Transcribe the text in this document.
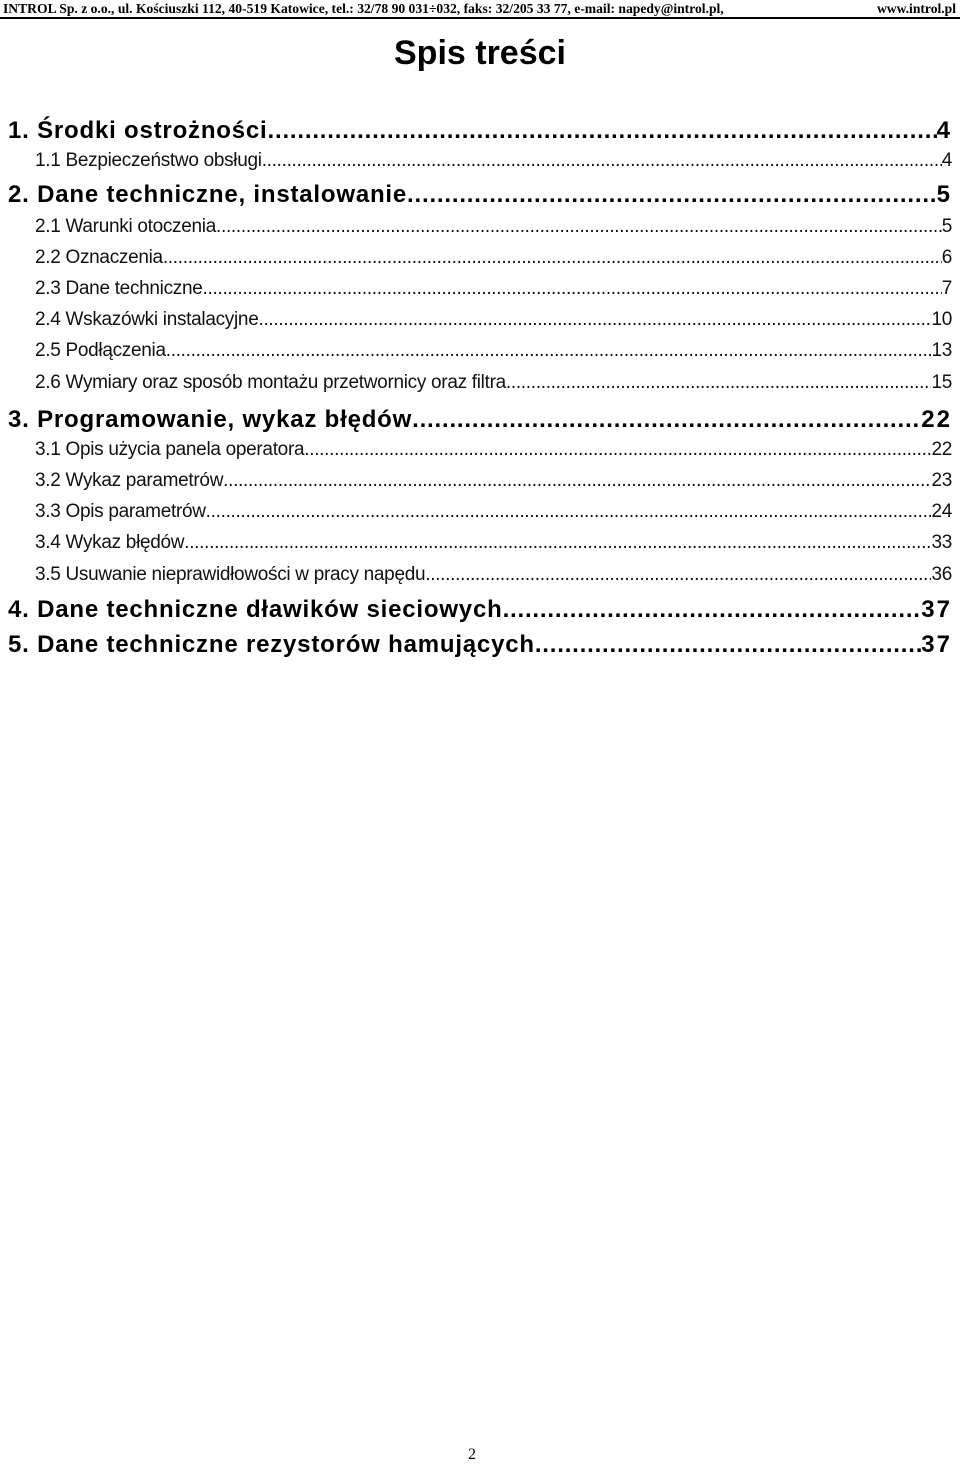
INTROL Sp. z o.o., ul. Kościuszki 112, 40-519 Katowice, tel.: 32/78 90 031÷032, faks: 32/205 33 77, e-mail: napedy@introl.pl,	www.introl.pl
Spis treści
1. Środki ostrożności .....	4
1.1 Bezpieczeństwo obsługi .....	4
2. Dane techniczne, instalowanie .....	5
2.1 Warunki otoczenia .....	5
2.2 Oznaczenia .....	6
2.3 Dane techniczne .....	7
2.4 Wskazówki instalacyjne .....	10
2.5 Podłączenia .....	13
2.6 Wymiary oraz sposób montażu przetwornicy oraz filtra .....	15
3. Programowanie, wykaz błędów .....	22
3.1 Opis użycia panela operatora .....	22
3.2 Wykaz parametrów .....	23
3.3 Opis parametrów .....	24
3.4 Wykaz błędów .....	33
3.5 Usuwanie nieprawidłowości w pracy napędu .....	36
4. Dane techniczne dławików sieciowych .....	37
5. Dane techniczne rezystorów hamujących .....	37
2
